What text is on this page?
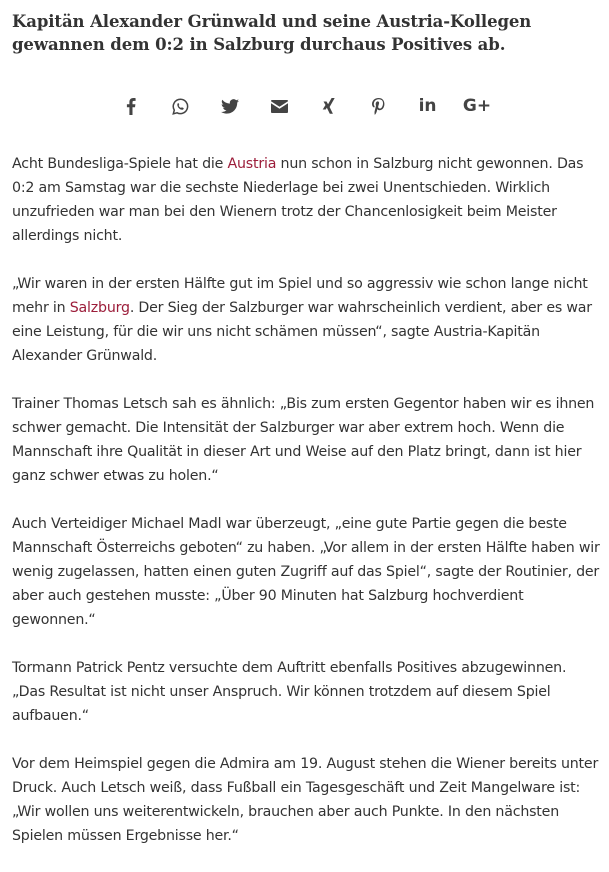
Kapitän Alexander Grünwald und seine Austria-Kollegen gewannen dem 0:2 in Salzburg durchaus Positives ab.
in G+

Acht Bundesliga-Spiele hat die Austria nun schon in Salzburg nicht gewonnen. Das 0:2 am Samstag war die sechste Niederlage bei zwei Unentschieden. Wirklich unzufrieden war man bei den Wienern trotz der Chancenlosigkeit beim Meister allerdings nicht.

„Wir waren in der ersten Hälfte gut im Spiel und so aggressiv wie schon lange nicht mehr in Salzburg. Der Sieg der Salzburger war wahrscheinlich verdient, aber es war eine Leistung, für die wir uns nicht schämen müssen“, sagte Austria-Kapitän Alexander Grünwald.

Trainer Thomas Letsch sah es ähnlich: „Bis zum ersten Gegentor haben wir es ihnen schwer gemacht. Die Intensität der Salzburger war aber extrem hoch. Wenn die Mannschaft ihre Qualität in dieser Art und Weise auf den Platz bringt, dann ist hier ganz schwer etwas zu holen.“

Auch Verteidiger Michael Madl war überzeugt, „eine gute Partie gegen die beste Mannschaft Österreichs geboten“ zu haben. „Vor allem in der ersten Hälfte haben wir wenig zugelassen, hatten einen guten Zugriff auf das Spiel“, sagte der Routinier, der aber auch gestehen musste: „Über 90 Minuten hat Salzburg hochverdient gewonnen.“

Tormann Patrick Pentz versuchte dem Auftritt ebenfalls Positives abzugewinnen. „Das Resultat ist nicht unser Anspruch. Wir können trotzdem auf diesem Spiel aufbauen.“

Vor dem Heimspiel gegen die Admira am 19. August stehen die Wiener bereits unter Druck. Auch Letsch weiß, dass Fußball ein Tagesgeschäft und Zeit Mangelware ist: „Wir wollen uns weiterentwickeln, brauchen aber auch Punkte. In den nächsten Spielen müssen Ergebnisse her.“
